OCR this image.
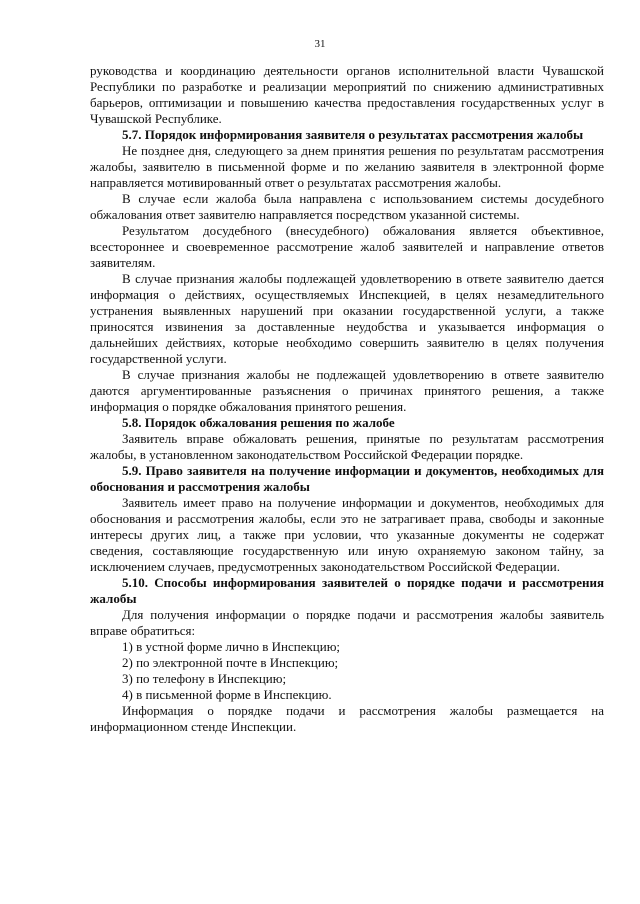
31

руководства и координацию деятельности органов исполнительной власти Чувашской Республики по разработке и реализации мероприятий по снижению административных барьеров, оптимизации и повышению качества предоставления государственных услуг в Чувашской Республике.

5.7. Порядок информирования заявителя о результатах рассмотрения жалобы

Не позднее дня, следующего за днем принятия решения по результатам рассмотрения жалобы, заявителю в письменной форме и по желанию заявителя в электронной форме направляется мотивированный ответ о результатах рассмотрения жалобы.

В случае если жалоба была направлена с использованием системы досудебного обжалования ответ заявителю направляется посредством указанной системы.

Результатом досудебного (внесудебного) обжалования является объективное, всестороннее и своевременное рассмотрение жалоб заявителей и направление ответов заявителям.

В случае признания жалобы подлежащей удовлетворению в ответе заявителю дается информация о действиях, осуществляемых Инспекцией, в целях незамедлительного устранения выявленных нарушений при оказании государственной услуги, а также приносятся извинения за доставленные неудобства и указывается информация о дальнейших действиях, которые необходимо совершить заявителю в целях получения государственной услуги.

В случае признания жалобы не подлежащей удовлетворению в ответе заявителю даются аргументированные разъяснения о причинах принятого решения, а также информация о порядке обжалования принятого решения.

5.8. Порядок обжалования решения по жалобе

Заявитель вправе обжаловать решения, принятые по результатам рассмотрения жалобы, в установленном законодательством Российской Федерации порядке.

5.9. Право заявителя на получение информации и документов, необходимых для обоснования и рассмотрения жалобы

Заявитель имеет право на получение информации и документов, необходимых для обоснования и рассмотрения жалобы, если это не затрагивает права, свободы и законные интересы других лиц, а также при условии, что указанные документы не содержат сведения, составляющие государственную или иную охраняемую законом тайну, за исключением случаев, предусмотренных законодательством Российской Федерации.

5.10. Способы информирования заявителей о порядке подачи и рассмотрения жалобы

Для получения информации о порядке подачи и рассмотрения жалобы заявитель вправе обратиться:

1) в устной форме лично в Инспекцию;

2) по электронной почте в Инспекцию;

3) по телефону в Инспекцию;

4) в письменной форме в Инспекцию.

Информация о порядке подачи и рассмотрения жалобы размещается на информационном стенде Инспекции.
